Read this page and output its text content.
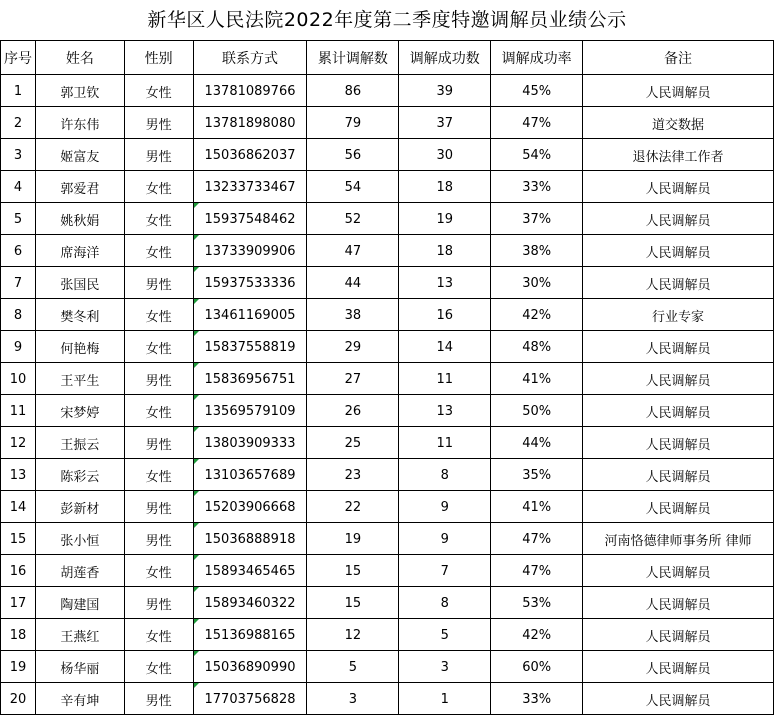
新华区人民法院2022年度第二季度特邀调解员业绩公示
序号	姓名	性别	联系方式	累计调解数	调解成功数	调解成功率	备注
1	郭卫钦	女性	13781089766	86	39	45%	人民调解员
2	许东伟	男性	13781898080	79	37	47%	道交数据
3	姬富友	男性	15036862037	56	30	54%	退休法律工作者
4	郭爱君	女性	13233733467	54	18	33%	人民调解员
5	姚秋娟	女性	15937548462	52	19	37%	人民调解员
6	席海洋	女性	13733909906	47	18	38%	人民调解员
7	张国民	男性	15937533336	44	13	30%	人民调解员
8	樊冬利	女性	13461169005	38	16	42%	行业专家
9	何艳梅	女性	15837558819	29	14	48%	人民调解员
10	王平生	男性	15836956751	27	11	41%	人民调解员
11	宋梦婷	女性	13569579109	26	13	50%	人民调解员
12	王振云	男性	13803909333	25	11	44%	人民调解员
13	陈彩云	女性	13103657689	23	8	35%	人民调解员
14	彭新材	男性	15203906668	22	9	41%	人民调解员
15	张小恒	男性	15036888918	19	9	47%	河南恪德律师事务所 律师
16	胡莲香	女性	15893465465	15	7	47%	人民调解员
17	陶建国	男性	15893460322	15	8	53%	人民调解员
18	王燕红	女性	15136988165	12	5	42%	人民调解员
19	杨华丽	女性	15036890990	5	3	60%	人民调解员
20	辛有坤	男性	17703756828	3	1	33%	人民调解员
